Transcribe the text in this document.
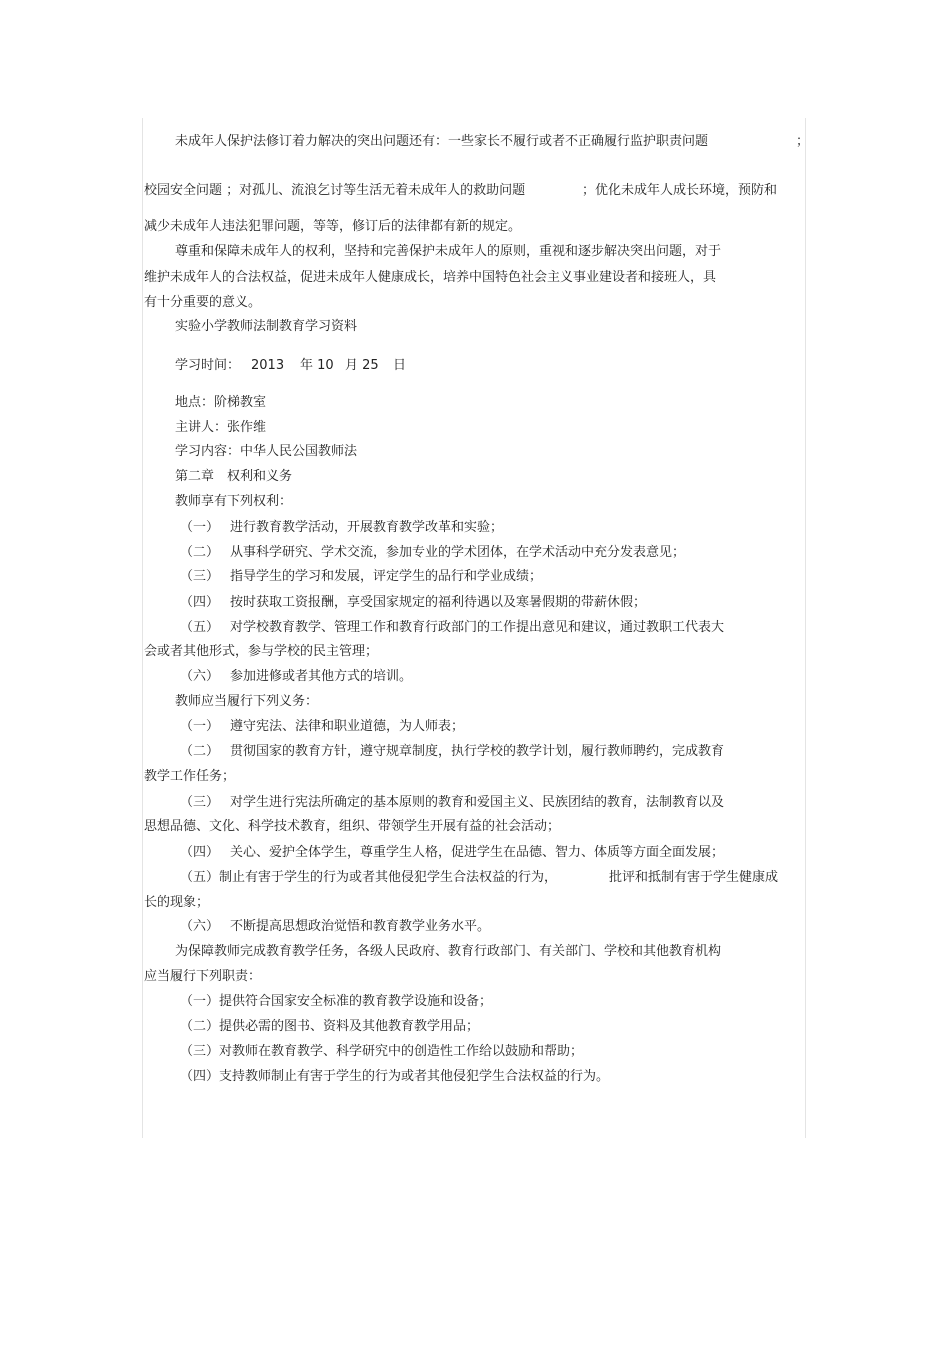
未成年人保护法修订着力解决的突出问题还有：一些家长不履行或者不正确履行监护职责问题	；

校园安全问题 ；对孤儿、流浪乞讨等生活无着未成年人的救助问题	；优化未成年人成长环境，预防和

减少未成年人违法犯罪问题，等等，修订后的法律都有新的规定。

尊重和保障未成年人的权利，坚持和完善保护未成年人的原则，重视和逐步解决突出问题，对于

维护未成年人的合法权益，促进未成年人健康成长，培养中国特色社会主义事业建设者和接班人，具

有十分重要的意义。

实验小学教师法制教育学习资料

学习时间： 2013 年 10 月 25 日

地点：阶梯教室

主讲人：张作维

学习内容：中华人民公国教师法

第二章　权利和义务

教师享有下列权利：

（一） 进行教育教学活动，开展教育教学改革和实验；

（二） 从事科学研究、学术交流，参加专业的学术团体，在学术活动中充分发表意见；

（三） 指导学生的学习和发展，评定学生的品行和学业成绩；

（四） 按时获取工资报酬，享受国家规定的福利待遇以及寒暑假期的带薪休假；

（五） 对学校教育教学、管理工作和教育行政部门的工作提出意见和建议，通过教职工代表大

会或者其他形式，参与学校的民主管理；

（六） 参加进修或者其他方式的培训。

教师应当履行下列义务：

（一） 遵守宪法、法律和职业道德，为人师表；

（二） 贯彻国家的教育方针，遵守规章制度，执行学校的教学计划，履行教师聘约，完成教育

教学工作任务；

（三） 对学生进行宪法所确定的基本原则的教育和爱国主义、民族团结的教育，法制教育以及

思想品德、文化、科学技术教育，组织、带领学生开展有益的社会活动；

（四） 关心、爱护全体学生，尊重学生人格，促进学生在品德、智力、体质等方面全面发展；

（五）制止有害于学生的行为或者其他侵犯学生合法权益的行为，	批评和抵制有害于学生健康成

长的现象；

（六） 不断提高思想政治觉悟和教育教学业务水平。

为保障教师完成教育教学任务，各级人民政府、教育行政部门、有关部门、学校和其他教育机构

应当履行下列职责：

（一）提供符合国家安全标准的教育教学设施和设备；

（二）提供必需的图书、资料及其他教育教学用品；

（三）对教师在教育教学、科学研究中的创造性工作给以鼓励和帮助；

（四）支持教师制止有害于学生的行为或者其他侵犯学生合法权益的行为。
